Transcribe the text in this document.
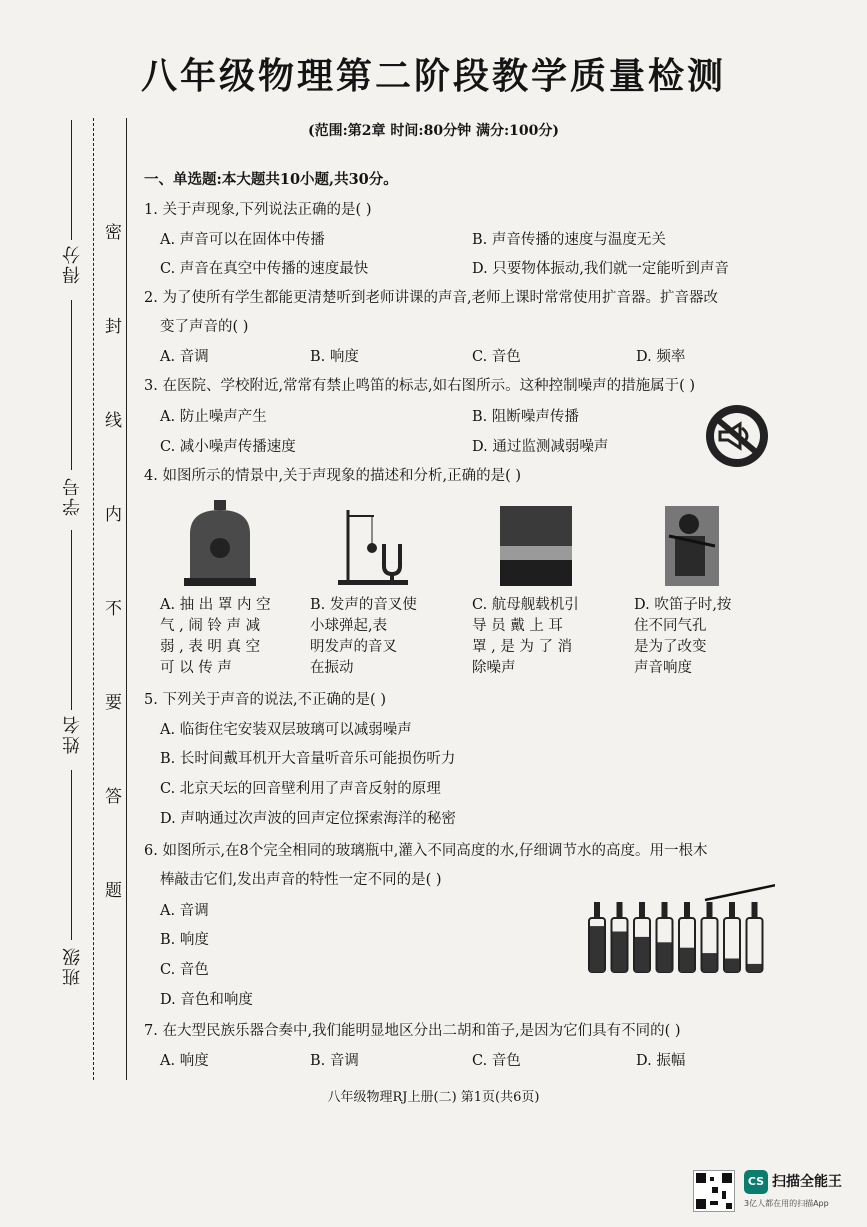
八年级物理第二阶段教学质量检测
(范围:第2章 时间:80分钟 满分:100分)
得分
学号
姓名
班级
密
封
线
内
不
要
答
题
一、单选题:本大题共10小题,共30分。
1. 关于声现象,下列说法正确的是( )
A. 声音可以在固体中传播	B. 声音传播的速度与温度无关
C. 声音在真空中传播的速度最快	D. 只要物体振动,我们就一定能听到声音
2. 为了使所有学生都能更清楚听到老师讲课的声音,老师上课时常常使用扩音器。扩音器改
变了声音的( )
A. 音调	B. 响度	C. 音色	D. 频率
3. 在医院、学校附近,常常有禁止鸣笛的标志,如右图所示。这种控制噪声的措施属于( )
A. 防止噪声产生	B. 阻断噪声传播
C. 减小噪声传播速度	D. 通过监测减弱噪声
4. 如图所示的情景中,关于声现象的描述和分析,正确的是( )
A. 抽 出 罩 内 空
气 , 闹 铃 声 减
弱 , 表 明 真 空
可 以 传 声
B. 发声的音叉使
小球弹起,表
明发声的音叉
在振动
C. 航母舰载机引
导 员 戴 上 耳
罩 , 是 为 了 消
除噪声
D. 吹笛子时,按
住不同气孔
是为了改变
声音响度
5. 下列关于声音的说法,不正确的是( )
A. 临街住宅安装双层玻璃可以减弱噪声
B. 长时间戴耳机开大音量听音乐可能损伤听力
C. 北京天坛的回音壁利用了声音反射的原理
D. 声呐通过次声波的回声定位探索海洋的秘密
6. 如图所示,在8个完全相同的玻璃瓶中,灌入不同高度的水,仔细调节水的高度。用一根木
棒敲击它们,发出声音的特性一定不同的是( )
A. 音调
B. 响度
C. 音色
D. 音色和响度
7. 在大型民族乐器合奏中,我们能明显地区分出二胡和笛子,是因为它们具有不同的( )
A. 响度	B. 音调	C. 音色	D. 振幅
八年级物理RJ上册(二) 第1页(共6页)
CS 扫描全能王
3亿人都在用的扫描App
